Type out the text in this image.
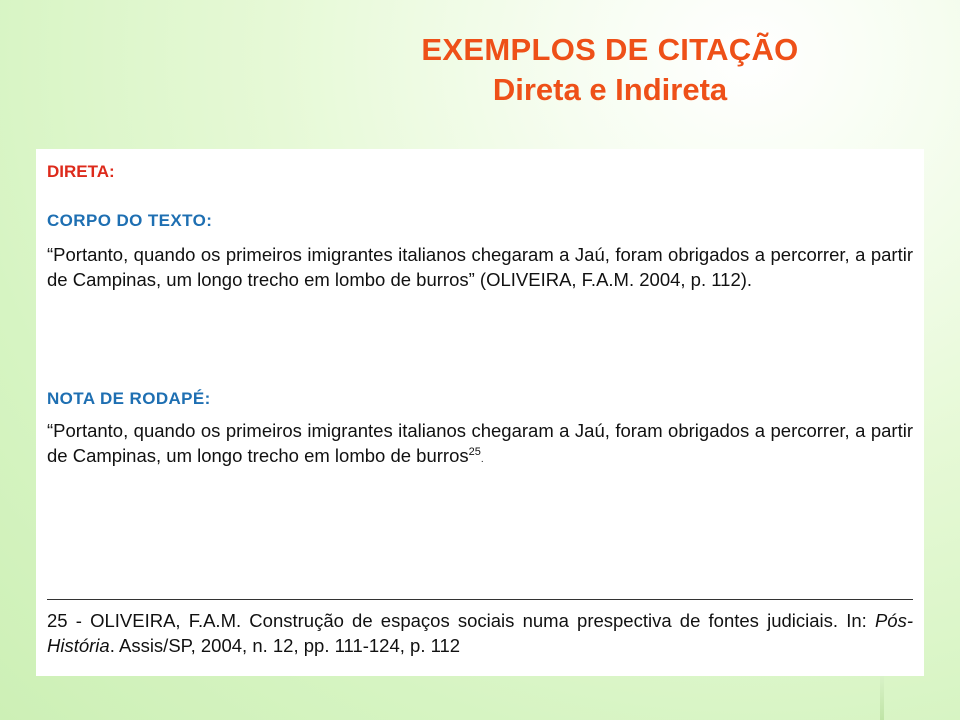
EXEMPLOS DE CITAÇÃO
Direta e Indireta
DIRETA:
CORPO DO TEXTO:
“Portanto, quando os primeiros imigrantes italianos chegaram a Jaú, foram obrigados a percorrer, a partir de Campinas, um longo trecho em lombo de burros” (OLIVEIRA, F.A.M. 2004, p. 112).
NOTA DE RODAPÉ:
“Portanto, quando os primeiros imigrantes italianos chegaram a Jaú, foram obrigados a percorrer, a partir de Campinas, um longo trecho em lombo de burros$^{25}$.
25 - OLIVEIRA, F.A.M. Construção de espaços sociais numa prespectiva de fontes judiciais. In: Pós-História. Assis/SP, 2004, n. 12, pp. 111-124, p. 112
